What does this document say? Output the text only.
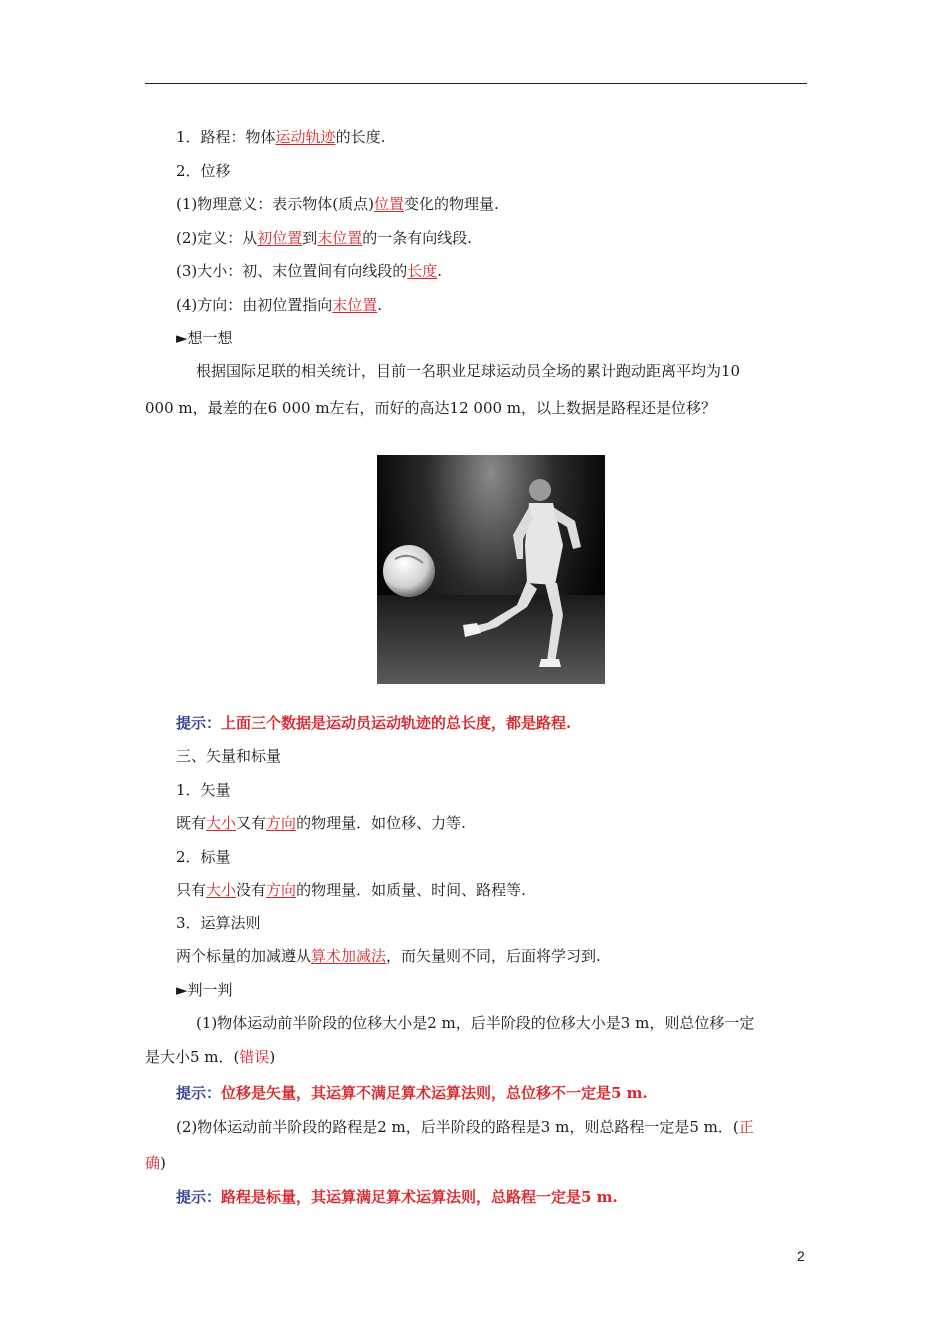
1．路程：物体运动轨迹的长度.
2．位移
(1)物理意义：表示物体(质点)位置变化的物理量.
(2)定义：从初位置到末位置的一条有向线段.
(3)大小：初、末位置间有向线段的长度.
(4)方向：由初位置指向末位置.
►想一想
根据国际足联的相关统计，目前一名职业足球运动员全场的累计跑动距离平均为10
000 m，最差的在6 000 m左右，而好的高达12 000 m，以上数据是路程还是位移？
提示：上面三个数据是运动员运动轨迹的总长度，都是路程.
三、矢量和标量
1．矢量
既有大小又有方向的物理量．如位移、力等.
2．标量
只有大小没有方向的物理量．如质量、时间、路程等.
3．运算法则
两个标量的加减遵从算术加减法，而矢量则不同，后面将学习到.
►判一判
(1)物体运动前半阶段的位移大小是2 m，后半阶段的位移大小是3 m，则总位移一定
是大小5 m．(错误)
提示：位移是矢量，其运算不满足算术运算法则，总位移不一定是5 m.
(2)物体运动前半阶段的路程是2 m，后半阶段的路程是3 m，则总路程一定是5 m．(正
确)
提示：路程是标量，其运算满足算术运算法则，总路程一定是5 m.
2
